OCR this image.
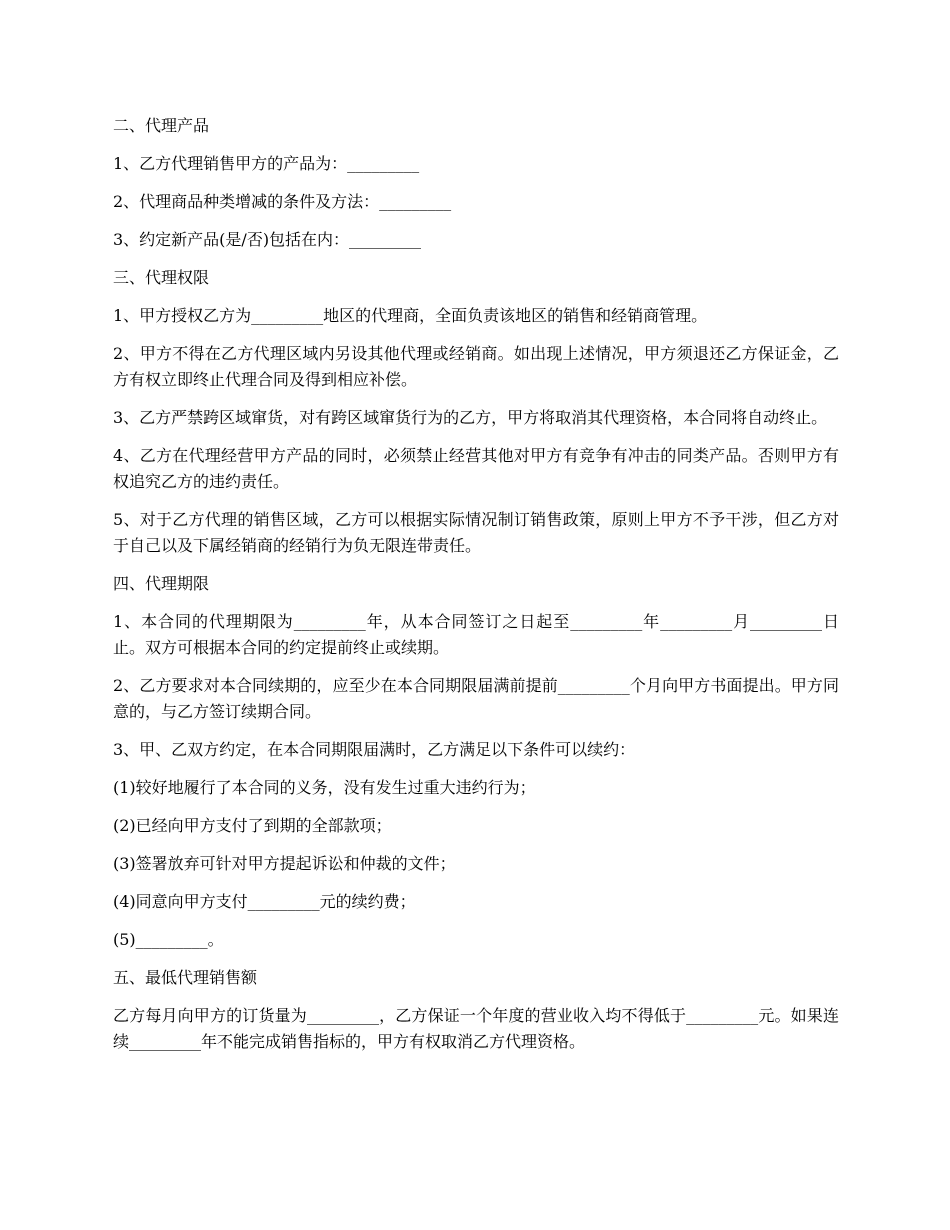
二、代理产品

1、乙方代理销售甲方的产品为：_________

2、代理商品种类增减的条件及方法：_________

3、约定新产品(是/否)包括在内：_________

三、代理权限

1、甲方授权乙方为_________地区的代理商，全面负责该地区的销售和经销商管理。

2、甲方不得在乙方代理区域内另设其他代理或经销商。如出现上述情况，甲方须退还乙方保证金，乙方有权立即终止代理合同及得到相应补偿。

3、乙方严禁跨区域窜货，对有跨区域窜货行为的乙方，甲方将取消其代理资格，本合同将自动终止。

4、乙方在代理经营甲方产品的同时，必须禁止经营其他对甲方有竞争有冲击的同类产品。否则甲方有权追究乙方的违约责任。

5、对于乙方代理的销售区域，乙方可以根据实际情况制订销售政策，原则上甲方不予干涉，但乙方对于自己以及下属经销商的经销行为负无限连带责任。

四、代理期限

1、本合同的代理期限为_________年，从本合同签订之日起至_________年_________月_________日止。双方可根据本合同的约定提前终止或续期。

2、乙方要求对本合同续期的，应至少在本合同期限届满前提前_________个月向甲方书面提出。甲方同意的，与乙方签订续期合同。

3、甲、乙双方约定，在本合同期限届满时，乙方满足以下条件可以续约：

(1)较好地履行了本合同的义务，没有发生过重大违约行为；

(2)已经向甲方支付了到期的全部款项；

(3)签署放弃可针对甲方提起诉讼和仲裁的文件；

(4)同意向甲方支付_________元的续约费；

(5)_________。

五、最低代理销售额

乙方每月向甲方的订货量为_________，乙方保证一个年度的营业收入均不得低于_________元。如果连续_________年不能完成销售指标的，甲方有权取消乙方代理资格。
